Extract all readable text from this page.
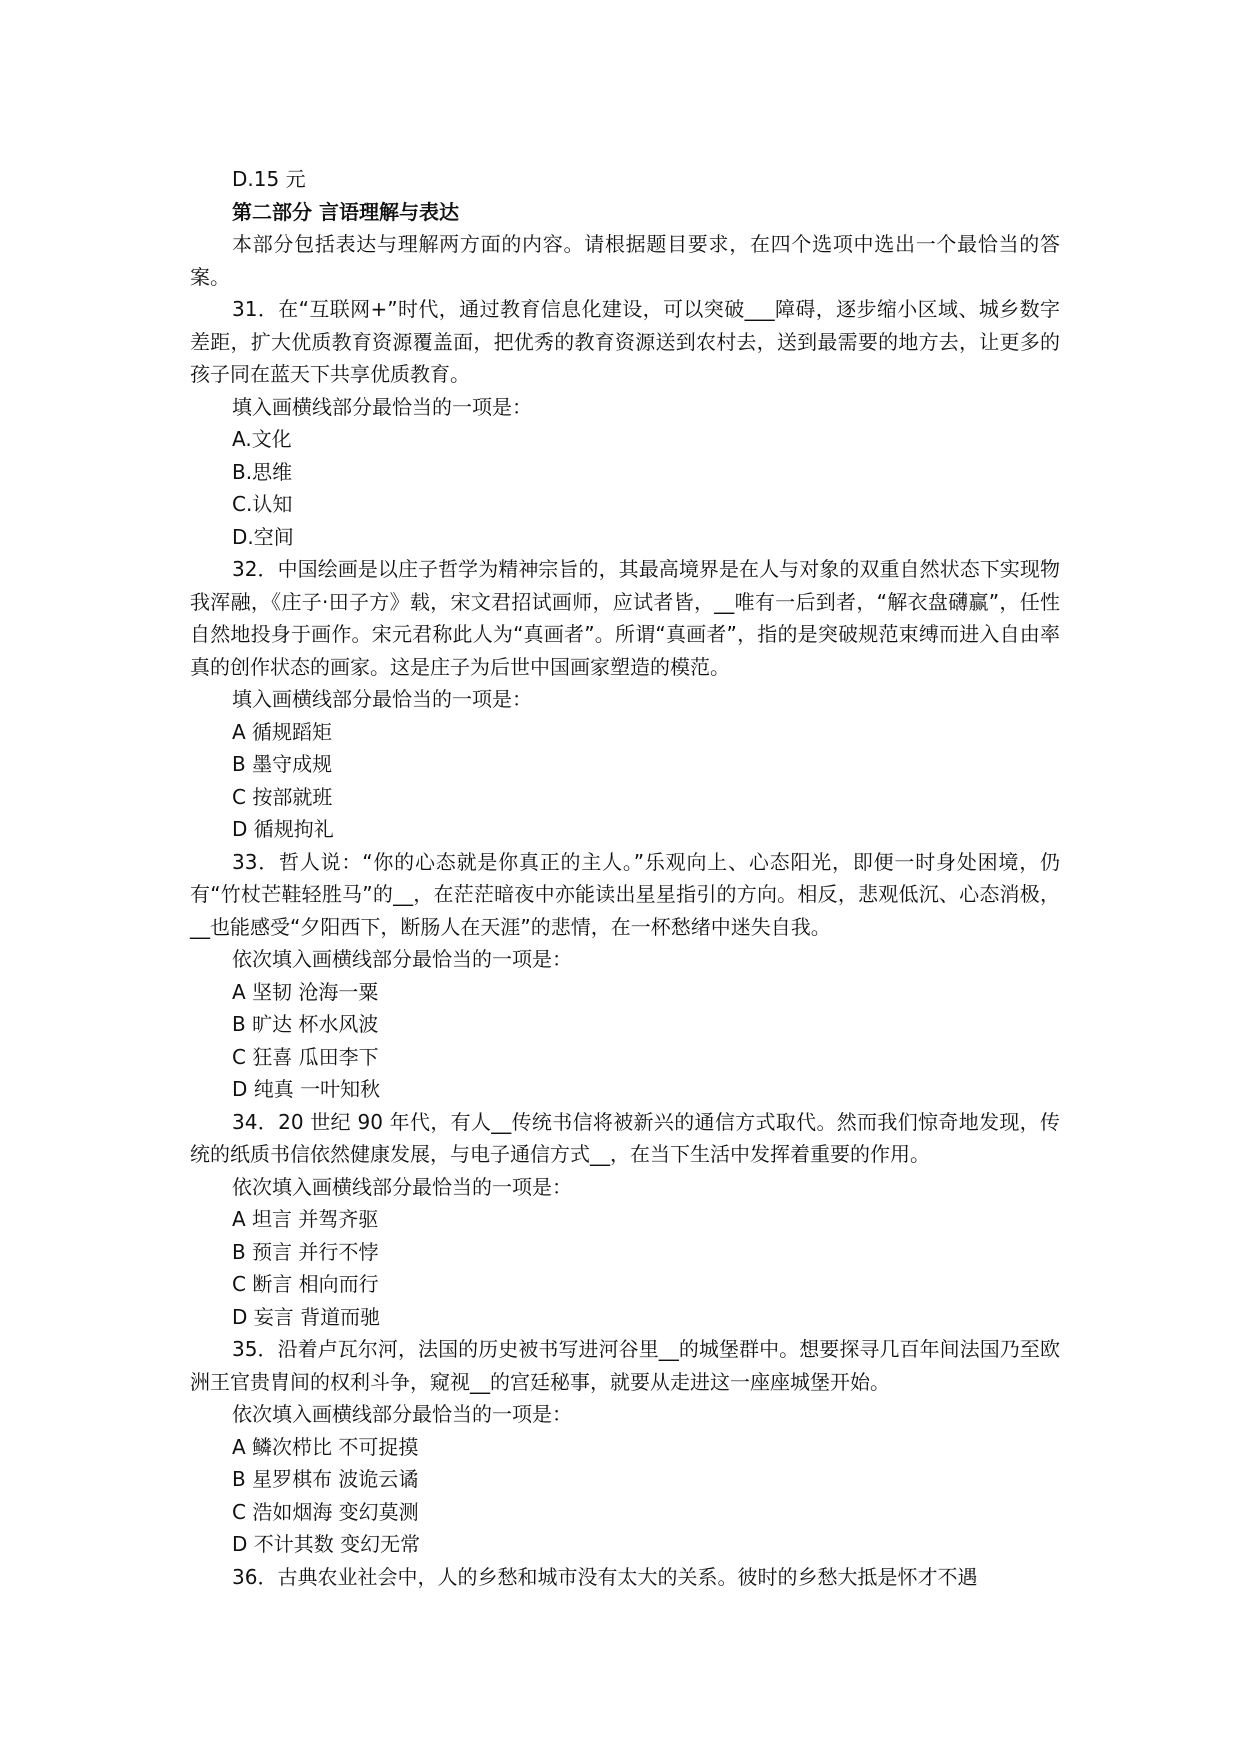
D.15 元
第二部分 言语理解与表达
本部分包括表达与理解两方面的内容。请根据题目要求，在四个选项中选出一个最恰当的答案。
31．在“互联网+”时代，通过教育信息化建设，可以突破___障碍，逐步缩小区域、城乡数字差距，扩大优质教育资源覆盖面，把优秀的教育资源送到农村去，送到最需要的地方去，让更多的孩子同在蓝天下共享优质教育。
填入画横线部分最恰当的一项是：
A.文化
B.思维
C.认知
D.空间
32．中国绘画是以庄子哲学为精神宗旨的，其最高境界是在人与对象的双重自然状态下实现物我浑融，《庄子·田子方》载，宋文君招试画师，应试者皆，__唯有一后到者，“解衣盘礴赢”，任性自然地投身于画作。宋元君称此人为“真画者”。所谓“真画者”，指的是突破规范束缚而进入自由率真的创作状态的画家。这是庄子为后世中国画家塑造的模范。
填入画横线部分最恰当的一项是：
A 循规蹈矩
B 墨守成规
C 按部就班
D 循规拘礼
33．哲人说：“你的心态就是你真正的主人。”乐观向上、心态阳光，即便一时身处困境，仍有“竹杖芒鞋轻胜马”的__，在茫茫暗夜中亦能读出星星指引的方向。相反，悲观低沉、心态消极，__也能感受“夕阳西下，断肠人在天涯”的悲情，在一杯愁绪中迷失自我。
依次填入画横线部分最恰当的一项是：
A 坚韧 沧海一粟
B 旷达 杯水风波
C 狂喜 瓜田李下
D 纯真 一叶知秋
34．20 世纪 90 年代，有人__传统书信将被新兴的通信方式取代。然而我们惊奇地发现，传统的纸质书信依然健康发展，与电子通信方式__，在当下生活中发挥着重要的作用。
依次填入画横线部分最恰当的一项是：
A 坦言 并驾齐驱
B 预言 并行不悖
C 断言 相向而行
D 妄言 背道而驰
35．沿着卢瓦尔河，法国的历史被书写进河谷里__的城堡群中。想要探寻几百年间法国乃至欧洲王官贵胄间的权利斗争，窥视__的宫廷秘事，就要从走进这一座座城堡开始。
依次填入画横线部分最恰当的一项是：
A 鳞次栉比 不可捉摸
B 星罗棋布 波诡云谲
C 浩如烟海 变幻莫测
D 不计其数 变幻无常
36．古典农业社会中，人的乡愁和城市没有太大的关系。彼时的乡愁大抵是怀才不遇
